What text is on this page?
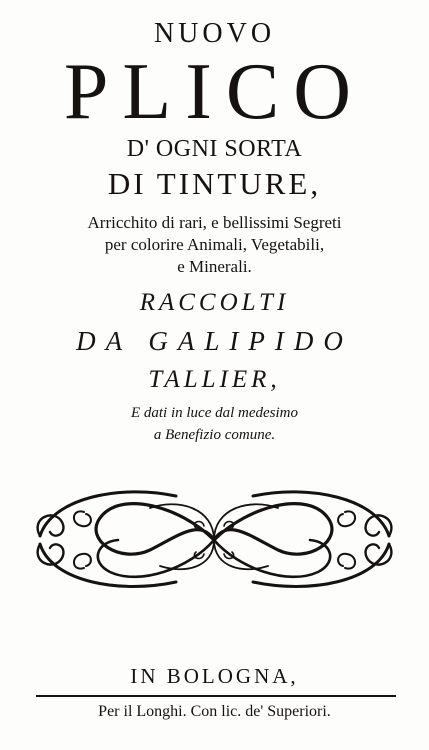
NUOVO
PLICO
D' OGNI SORTA
DI TINTURE,
Arricchito di rari, e bellissimi Segreti
per colorire Animali, Vegetabili,
e Minerali.
RACCOLTI
DA GALIPIDO
TALLIER,
E dati in luce dal medesimo
a Benefizio comune.
IN BOLOGNA,
Per il Longhi. Con lic. de' Superiori.
